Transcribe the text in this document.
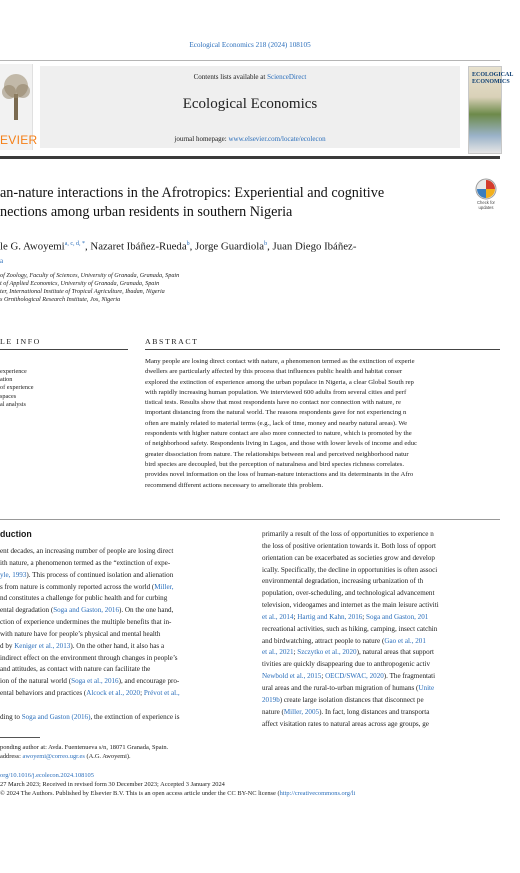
Ecological Economics 218 (2024) 108105
EVIER
Contents lists available at ScienceDirect
Ecological Economics
journal homepage: www.elsevier.com/locate/ecolecon
ECOLOGICAL ECONOMICS
an-nature interactions in the Afrotropics: Experiential and cognitive
nections among urban residents in southern Nigeria
Check for updates
le G. Awoyemi$^{a, c, d, *}$, Nazaret Ibáñez-Rueda$^b$, Jorge Guardiola$^b$, Juan Diego Ibáñez-
a
of Zoology, Faculty of Sciences, University of Granada, Granada, Spain
t of Applied Economics, University of Granada, Granada, Spain
ter, International Institute of Tropical Agriculture, Ibadan, Nigeria
s Ornithological Research Institute, Jos, Nigeria
LE INFO	ABSTRACT
experience
ation
of experience
spaces
al analysis
Many people are losing direct contact with nature, a phenomenon termed as the extinction of experie
dwellers are particularly affected by this process that influences public health and habitat conser
explored the extinction of experience among the urban populace in Nigeria, a clear Global South rep
with rapidly increasing human population. We interviewed 600 adults from several cities and perf
tistical tests. Results show that most respondents have no contact nor connection with nature, re
important distancing from the natural world. The reasons respondents gave for not experiencing n
often are mainly related to material terms (e.g., lack of time, money and nearby natural areas). We
respondents with higher nature contact are also more connected to nature, which is promoted by the
of neighborhood safety. Respondents living in Lagos, and those with lower levels of income and educ
greater dissociation from nature. The relationships between real and perceived neighborhood natur
bird species are decoupled, but the perception of naturalness and bird species richness correlates.
provides novel information on the loss of human-nature interactions and its determinants in the Afro
recommend different actions necessary to ameliorate this problem.
duction
ent decades, an increasing number of people are losing direct
ith nature, a phenomenon termed as the “extinction of expe-
yle, 1993). This process of continued isolation and alienation
s from nature is commonly reported across the world (Miller,
nd constitutes a challenge for public health and for curbing
ental degradation (Soga and Gaston, 2016). On the one hand,
ction of experience undermines the multiple benefits that in-
with nature have for people’s physical and mental health
d by Keniger et al., 2013). On the other hand, it also has a
indirect effect on the environment through changes in people’s
and attitudes, as contact with nature can facilitate the
ion of the natural world (Soga et al., 2016), and encourage pro-
ental behaviors and practices (Alcock et al., 2020; Prévot et al.,
ding to Soga and Gaston (2016), the extinction of experience is
primarily a result of the loss of opportunities to experience n
the loss of positive orientation towards it. Both loss of opport
orientation can be exacerbated as societies grow and develop
ically. Specifically, the decline in opportunities is often associ
environmental degradation, increasing urbanization of th
population, over-scheduling, and technological advancement
television, videogames and internet as the main leisure activiti
et al., 2014; Hartig and Kahn, 2016; Soga and Gaston, 201
recreational activities, such as hiking, camping, insect catchin
and birdwatching, attract people to nature (Gao et al., 201
et al., 2021; Szczytko et al., 2020), natural areas that support
tivities are quickly disappearing due to anthropogenic activ
Newbold et al., 2015; OECD/SWAC, 2020). The fragmentati
ural areas and the rural-to-urban migration of humans (Unite
2019b) create large isolation distances that disconnect pe
nature (Miller, 2005). In fact, long distances and transporta
affect visitation rates to natural areas across age groups, ge
ponding author at: Avda. Fuentenueva s/n, 18071 Granada, Spain.
address: awoyemi@correo.ugr.es (A.G. Awoyemi).
org/10.1016/j.ecolecon.2024.108105
27 March 2023; Received in revised form 30 December 2023; Accepted 3 January 2024
© 2024 The Authors. Published by Elsevier B.V. This is an open access article under the CC BY-NC license (http://creativecommons.org/li
